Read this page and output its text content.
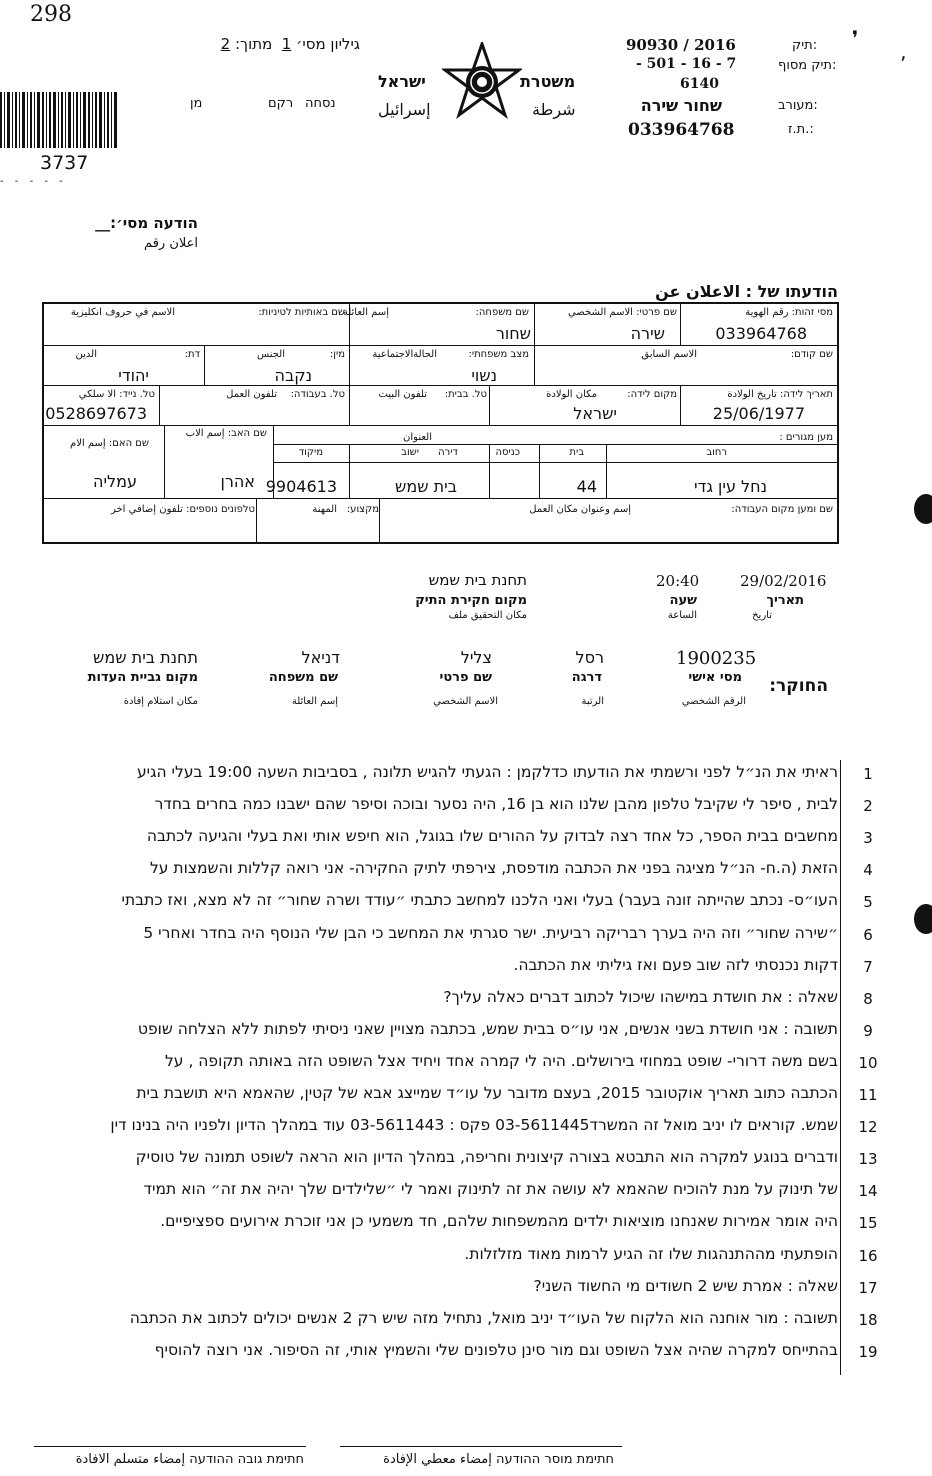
298
❜
ʼ
גיליון מסי׳ 1  מתוך: 2
נסחה
רקם
מן
3737
- - - - -
משטרת
ישראל
شرطة
إسرائيل
תיק:
90930 / 2016
תיק מסוף:
- 501 - 16 - 7
6140
מעורב:
שחור שירה
ת.ז.:
033964768
הודעה מסי׳:__
اعلان رقم
הודעתו של : الاعلان عن
מסי זהות: رقم الهوية
033964768
שם פרטי: الاسم الشخصي
שירה
שם משפחה:
إسم العائلة
שחור
שם באותיות לטיניות:
الاسم في حروف انكليزية
שם קודם:
الاسم السابق
מצב משפחתי:
الحالةالاجتماعية
נשוי
מין:
الجنس
נקבה
דת:
الدين
יהודי
תאריך לידה: تاريخ الولادة
25/06/1977
מקום לידה:
مكان الولادة
ישראל
טל. בבית:
تلفون البيت
טל. בעבודה:
تلفون العمل
טל. נייד: الا سلكي
0528697673
מען מגורים :
العنوان
רחוב
נחל עין גדי
בית
44
כניסה
דירה
ישוב
בית שמש
מיקוד
9904613
שם האב: إسم الاب
אהרן
שם האם: إسم الام
עמליה
שם ומען מקום העבודה:
إسم وعنوان مكان العمل
מקצוע:
المهنة
טלפונים נוספים: تلفون إضافي اخر
29/02/2016
תאריך
تاريخ
20:40
שעה
الساعة
תחנת בית שמש
מקום חקירת התיק
مكان التحقيق ملف
החוקר:
1900235
מסי אישי
الرقم الشخصي
רסל
דרגה
الرتبة
צליל
שם פרטי
الاسم الشخصي
דניאל
שם משפחה
إسم العائلة
תחנת בית שמש
מקום גביית העדות
مكان استلام إفادة
1
ראיתי את הנ״ל לפני ורשמתי את הודעתו כדלקמן : הגעתי להגיש תלונה , בסביבות השעה 19:00 בעלי הגיע
2
לבית , סיפר לי שקיבל טלפון מהבן שלנו הוא בן 16, היה נסער ובוכה וסיפר שהם ישבנו כמה בחרים בחדר
3
מחשבים בבית הספר, כל אחד רצה לבדוק על ההורים שלו בגוגל, הוא חיפש אותי ואת בעלי והגיעה לכתבה
4
הזאת (ה.ח- הנ״ל מציגה בפני את הכתבה מודפסת, צירפתי לתיק החקירה- אני רואה קללות והשמצות על
5
העו״ס- נכתב שהייתה זונה בעבר) בעלי ואני הלכנו למחשב כתבתי ״עודד ושרה שחור״ זה לא מצא, ואז כתבתי
6
״שירה שחור״ וזה היה בערך רבריקה רביעית. ישר סגרתי את המחשב כי הבן שלי הנוסף היה בחדר ואחרי 5
7
דקות נכנסתי לזה שוב פעם ואז גיליתי את הכתבה.
8
שאלה : את חושדת במישהו שיכול לכתוב דברים כאלה עליך?
9
תשובה : אני חושדת בשני אנשים, אני עו״ס בבית שמש, בכתבה מצויין שאני ניסיתי לפתות ללא הצלחה שופט
10
בשם משה דרורי- שופט במחוזי בירושלים. היה לי קמרה אחד ויחיד אצל השופט הזה באותה תקופה , על
11
הכתבה כתוב תאריך אוקטובר 2015, בעצם מדובר על עו״ד שמייצג אבא של קטין, שהאמא היא תושבת בית
12
שמש. קוראים לו יניב מואל זה המשרד03-5611445 פקס : 03-5611443 עוד במהלך הדיון ולפניו היה בנינו דין
13
ודברים בנוגע למקרה הוא התבטא בצורה קיצונית וחריפה, במהלך הדיון הוא הראה לשופט תמונה של טוסיק
14
של תינוק על מנת להוכיח שהאמא לא עושה את זה לתינוק ואמר לי ״שלילדים שלך יהיה את זה״ הוא תמיד
15
היה אומר אמירות שאנחנו מוציאות ילדים מהמשפחות שלהם, חד משמעי כן אני זוכרת אירועים ספציפיים.
16
הופתעתי מההתנהגות שלו זה הגיע לרמות מאוד מזלזלות.
17
שאלה : אמרת שיש 2 חשודים מי החשוד השני?
18
תשובה : מור אוחנה הוא הלקוח של העו״ד יניב מואל, נתחיל מזה שיש רק 2 אנשים יכולים לכתוב את הכתבה
19
בהתייחס למקרה שהיה אצל השופט וגם מור סינן טלפונים שלי והשמיץ אותי, זה הסיפור. אני רוצה להוסיף
חתימת גובה ההודעה إمضاء متسلم الافادة	חתימת מוסר ההודעה إمضاء معطي الإفادة
